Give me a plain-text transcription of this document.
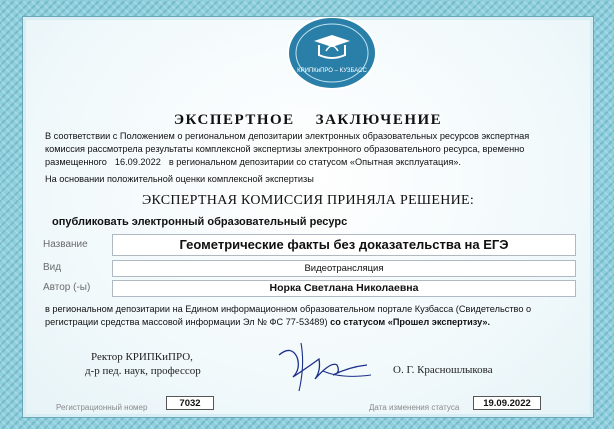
КРИПКиПРО – КУЗБАСС
ЭКСПЕРТНОЕ    ЗАКЛЮЧЕНИЕ
В соответствии с Положением о региональном депозитарии электронных образовательных ресурсов экспертная комиссия рассмотрела результаты комплексной экспертизы электронного образовательного ресурса, временно размещенного 16.09.2022 в региональном депозитарии со статусом «Опытная эксплуатация».
На основании положительной оценки комплексной экспертизы
ЭКСПЕРТНАЯ КОМИССИЯ ПРИНЯЛА РЕШЕНИЕ:
опубликовать электронный образовательный ресурс
Название	Геометрические факты без доказательства на ЕГЭ
Вид	Видеотрансляция
Автор (-ы)	Норка Светлана Николаевна
в региональном депозитарии на Едином информационном образовательном портале Кузбасса (Свидетельство о регистрации средства массовой информации Эл № ФС 77-53489) со статусом «Прошел экспертизу».
Ректор КРИПКиПРО,
д-р пед. наук, профессор	О. Г. Красношлыкова
Регистрационный номер	7032	Дата изменения статуса	19.09.2022
